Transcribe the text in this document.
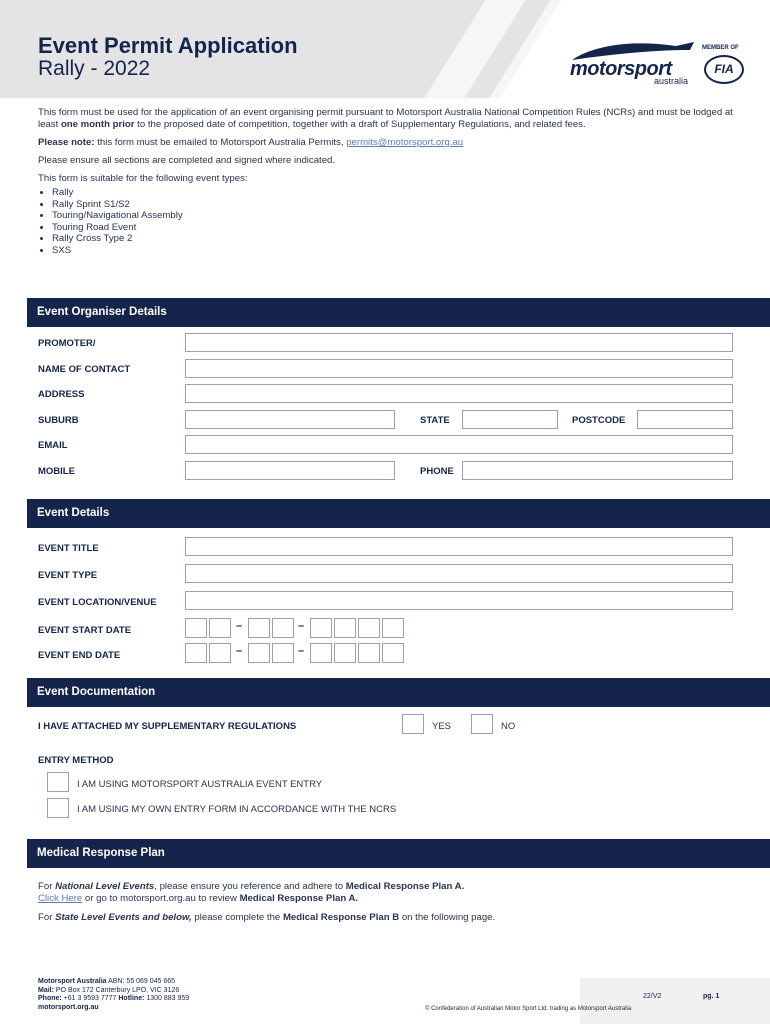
Event Permit Application
Rally - 2022	motorsport
australia
MEMBER OF
FIA

This form must be used for the application of an event organising permit pursuant to Motorsport Australia National Competition Rules (NCRs) and must be lodged at least one month prior to the proposed date of competition, together with a draft of Supplementary Regulations, and related fees.

Please note: this form must be emailed to Motorsport Australia Permits, permits@motorsport.org.au

Please ensure all sections are completed and signed where indicated.

This form is suitable for the following event types:

• Rally
• Rally Sprint S1/S2
• Touring/Navigational Assembly
• Touring Road Event
• Rally Cross Type 2
• SXS
Event Organiser Details
PROMOTER/
NAME OF CONTACT
ADDRESS
SUBURB	STATE	POSTCODE
EMAIL
MOBILE	PHONE
Event Details
EVENT TITLE
EVENT TYPE
EVENT LOCATION/VENUE
EVENT START DATE	–	–
EVENT END DATE	–	–
Event Documentation
I HAVE ATTACHED MY SUPPLEMENTARY REGULATIONS	YES	NO
ENTRY METHOD
I AM USING MOTORSPORT AUSTRALIA EVENT ENTRY
I AM USING MY OWN ENTRY FORM IN ACCORDANCE WITH THE NCRS
Medical Response Plan
For National Level Events, please ensure you reference and adhere to Medical Response Plan A.
Click Here or go to motorsport.org.au to review Medical Response Plan A.
For State Level Events and below, please complete the Medical Response Plan B on the following page.
Motorsport Australia ABN: 55 069 045 665
Mail: PO Box 172 Canterbury LPO, VIC 3126
Phone: +61 3 9593 7777 Hotline: 1300 883 959
motorsport.org.au
22/V2	pg. 1
© Confederation of Australian Motor Sport Ltd. trading as Motorsport Australia
